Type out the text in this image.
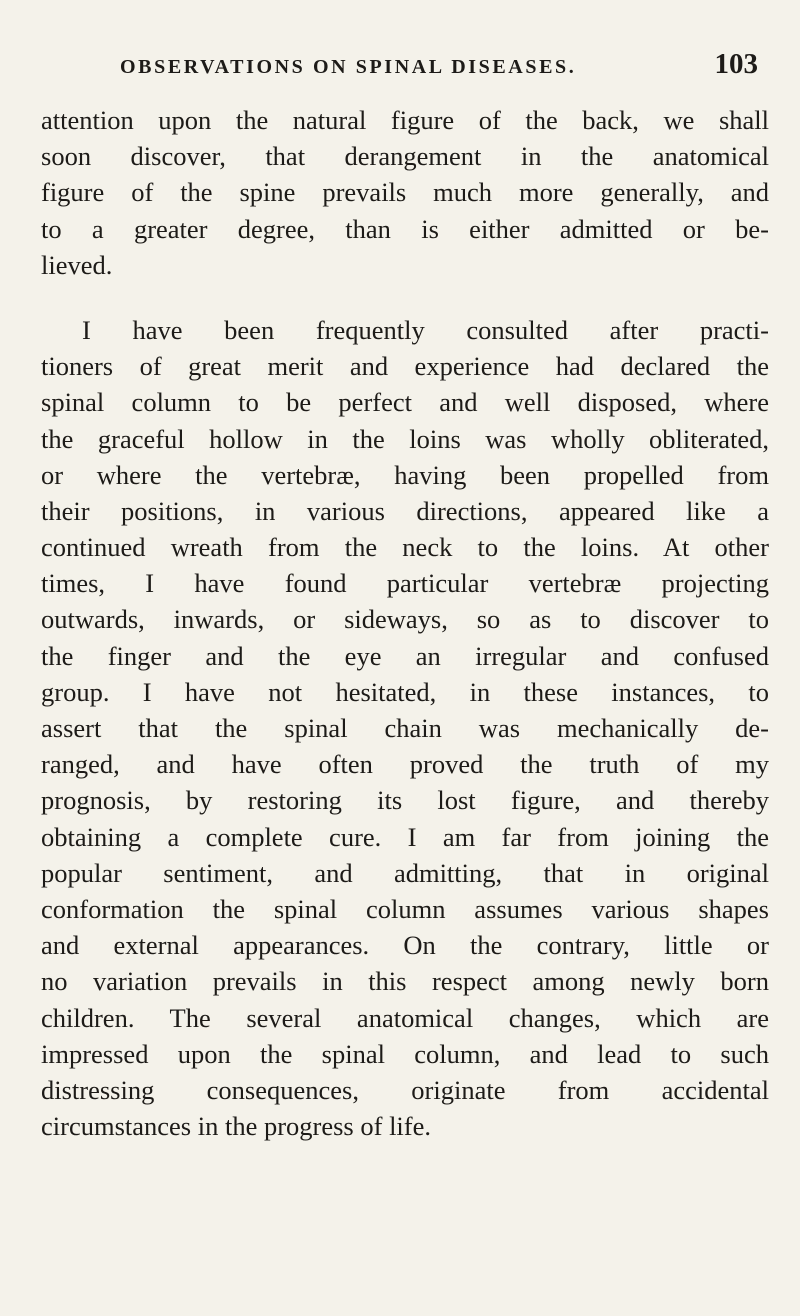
OBSERVATIONS ON SPINAL DISEASES.	103
attention upon the natural figure of the back, we shall
soon discover, that derangement in the anatomical
figure of the spine prevails much more generally, and
to a greater degree, than is either admitted or be-
lieved.
I have been frequently consulted after practi-
tioners of great merit and experience had declared the
spinal column to be perfect and well disposed, where
the graceful hollow in the loins was wholly obliterated,
or where the vertebræ, having been propelled from
their positions, in various directions, appeared like a
continued wreath from the neck to the loins. At other
times, I have found particular vertebræ projecting
outwards, inwards, or sideways, so as to discover to
the finger and the eye an irregular and confused
group. I have not hesitated, in these instances, to
assert that the spinal chain was mechanically de-
ranged, and have often proved the truth of my
prognosis, by restoring its lost figure, and thereby
obtaining a complete cure. I am far from joining the
popular sentiment, and admitting, that in original
conformation the spinal column assumes various shapes
and external appearances. On the contrary, little or
no variation prevails in this respect among newly born
children. The several anatomical changes, which are
impressed upon the spinal column, and lead to such
distressing consequences, originate from accidental
circumstances in the progress of life.
